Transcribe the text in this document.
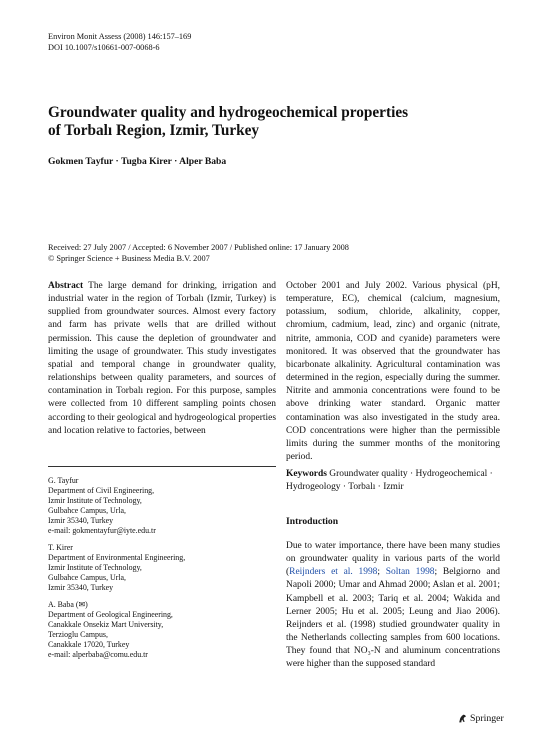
Environ Monit Assess (2008) 146:157–169
DOI 10.1007/s10661-007-0068-6
Groundwater quality and hydrogeochemical properties
of Torbalı Region, Izmir, Turkey
Gokmen Tayfur · Tugba Kirer · Alper Baba
Received: 27 July 2007 / Accepted: 6 November 2007 / Published online: 17 January 2008
© Springer Science + Business Media B.V. 2007

Abstract The large demand for drinking, irrigation and industrial water in the region of Torbalı (Izmir, Turkey) is supplied from groundwater sources. Almost every factory and farm has private wells that are drilled without permission. This cause the depletion of groundwater and limiting the usage of groundwater. This study investigates spatial and temporal change in groundwater quality, relationships between quality parameters, and sources of contamination in Torbalı region. For this purpose, samples were collected from 10 different sampling points chosen according to their geological and hydrogeological properties and location relative to factories, between

October 2001 and July 2002. Various physical (pH, temperature, EC), chemical (calcium, magnesium, potassium, sodium, chloride, alkalinity, copper, chromium, cadmium, lead, zinc) and organic (nitrate, nitrite, ammonia, COD and cyanide) parameters were monitored. It was observed that the groundwater has bicarbonate alkalinity. Agricultural contamination was determined in the region, especially during the summer. Nitrite and ammonia concentrations were found to be above drinking water standard. Organic matter contamination was also investigated in the study area. COD concentrations were higher than the permissible limits during the summer months of the monitoring period.

G. Tayfur
Department of Civil Engineering,
Izmir Institute of Technology,
Gulbahce Campus, Urla,
Izmir 35340, Turkey
e-mail: gokmentayfur@iyte.edu.tr
T. Kirer
Department of Environmental Engineering,
Izmir Institute of Technology,
Gulbahce Campus, Urla,
Izmir 35340, Turkey
A. Baba (✉)
Department of Geological Engineering,
Canakkale Onsekiz Mart University,
Terzioglu Campus,
Canakkale 17020, Turkey
e-mail: alperbaba@comu.edu.tr
Keywords Groundwater quality · Hydrogeochemical · Hydrogeology · Torbalı · Izmir
Introduction

Due to water importance, there have been many studies on groundwater quality in various parts of the world (Reijnders et al. 1998; Soltan 1998; Belgiorno and Napoli 2000; Umar and Ahmad 2000; Aslan et al. 2001; Kampbell et al. 2003; Tariq et al. 2004; Wakida and Lerner 2005; Hu et al. 2005; Leung and Jiao 2006). Reijnders et al. (1998) studied groundwater quality in the Netherlands collecting samples from 600 locations. They found that NO₃-N and aluminum concentrations were higher than the supposed standard

Springer
